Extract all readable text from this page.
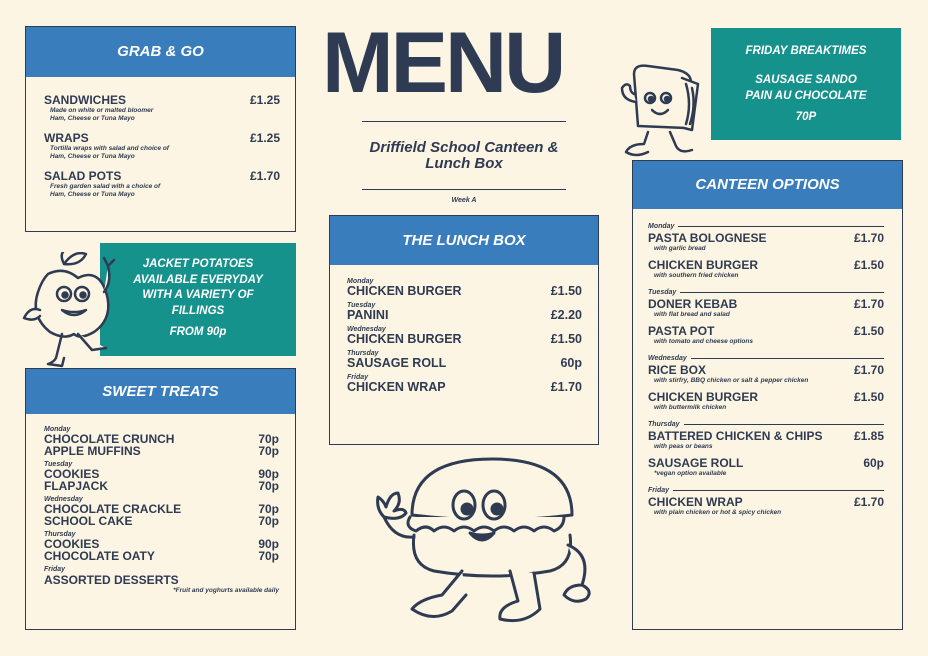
GRAB & GO
SANDWICHES	£1.25
Made on white or malted bloomer
Ham, Cheese or Tuna Mayo
WRAPS	£1.25
Tortilla wraps with salad and choice of
Ham, Cheese or Tuna Mayo
SALAD POTS	£1.70
Fresh garden salad with a choice of
Ham, Cheese or Tuna Mayo
JACKET POTATOES
AVAILABLE EVERYDAY
WITH A VARIETY OF
FILLINGS
FROM 90p
SWEET TREATS
Monday
CHOCOLATE CRUNCH	70p
APPLE MUFFINS	70p
Tuesday
COOKIES	90p
FLAPJACK	70p
Wednesday
CHOCOLATE CRACKLE	70p
SCHOOL CAKE	70p
Thursday
COOKIES	90p
CHOCOLATE OATY	70p
Friday
ASSORTED DESSERTS
*Fruit and yoghurts available daily
MENU
Driffield School Canteen & Lunch Box
Week A
THE LUNCH BOX
Monday
CHICKEN BURGER	£1.50
Tuesday
PANINI	£2.20
Wednesday
CHICKEN BURGER	£1.50
Thursday
SAUSAGE ROLL	60p
Friday
CHICKEN WRAP	£1.70
FRIDAY BREAKTIMES
SAUSAGE SANDO
PAIN AU CHOCOLATE
70P
CANTEEN OPTIONS
Monday
PASTA BOLOGNESE	£1.70
with garlic bread
CHICKEN BURGER	£1.50
with southern fried chicken
Tuesday
DONER KEBAB	£1.70
with flat bread and salad
PASTA POT	£1.50
with tomato and cheese options
Wednesday
RICE BOX	£1.70
with stirfry, BBQ chicken or salt & pepper chicken
CHICKEN BURGER	£1.50
with buttermilk chicken
Thursday
BATTERED CHICKEN & CHIPS	£1.85
with peas or beans
SAUSAGE ROLL	60p
*vegan option available
Friday
CHICKEN WRAP	£1.70
with plain chicken or hot & spicy chicken
